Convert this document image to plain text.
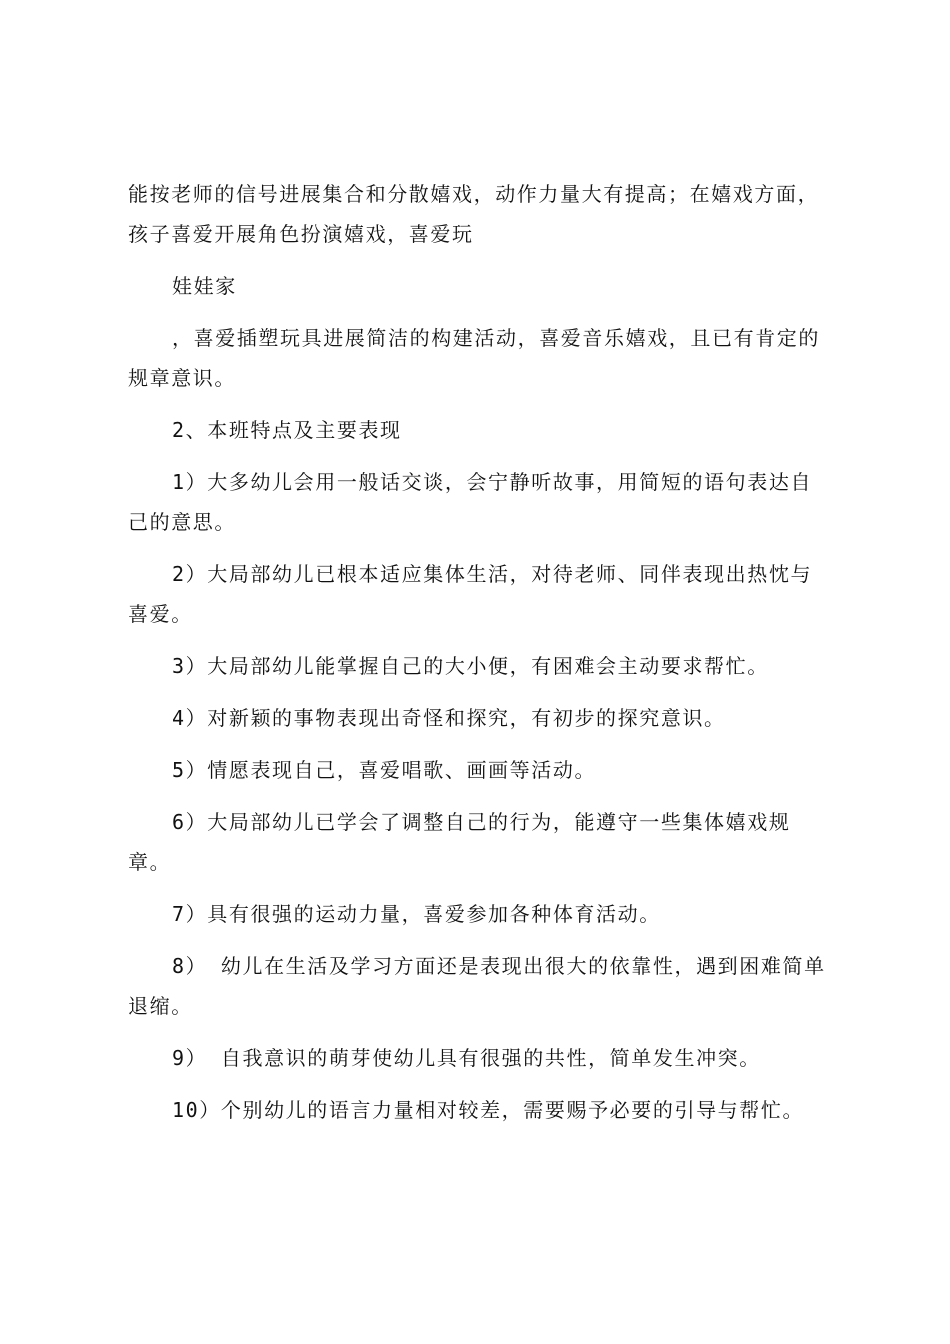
能按老师的信号进展集合和分散嬉戏，动作力量大有提高；在嬉戏方面，孩子喜爱开展角色扮演嬉戏，喜爱玩

娃娃家

，喜爱插塑玩具进展简洁的构建活动，喜爱音乐嬉戏，且已有肯定的规章意识。

2、本班特点及主要表现

1）大多幼儿会用一般话交谈，会宁静听故事，用简短的语句表达自己的意思。

2）大局部幼儿已根本适应集体生活，对待老师、同伴表现出热忱与喜爱。

3）大局部幼儿能掌握自己的大小便，有困难会主动要求帮忙。

4）对新颖的事物表现出奇怪和探究，有初步的探究意识。

5）情愿表现自己，喜爱唱歌、画画等活动。

6）大局部幼儿已学会了调整自己的行为，能遵守一些集体嬉戏规章。

7）具有很强的运动力量，喜爱参加各种体育活动。

8） 幼儿在生活及学习方面还是表现出很大的依靠性，遇到困难简单退缩。

9） 自我意识的萌芽使幼儿具有很强的共性，简单发生冲突。

10）个别幼儿的语言力量相对较差，需要赐予必要的引导与帮忙。
